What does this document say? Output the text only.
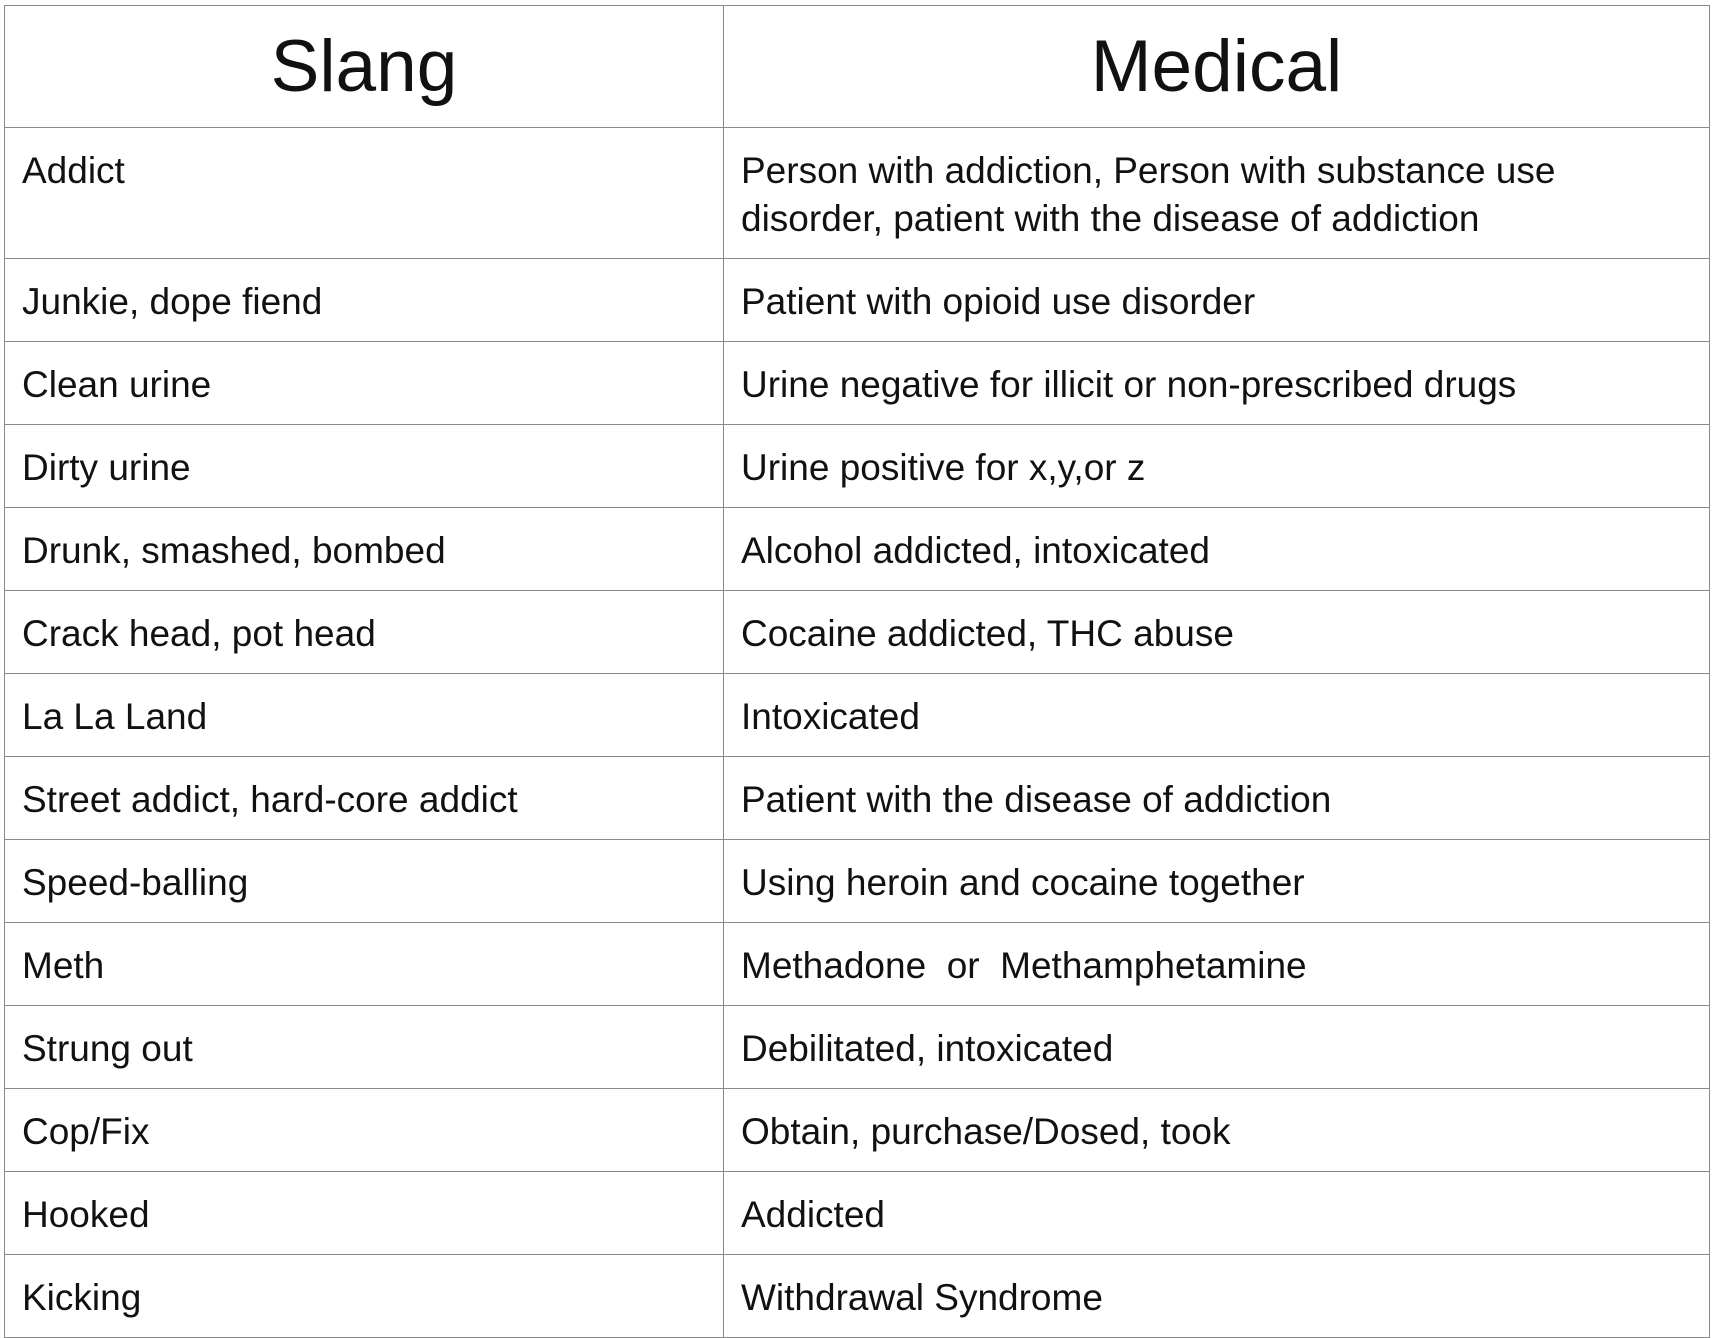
Slang	Medical
Addict	Person with addiction, Person with substance use disorder, patient with the disease of addiction
Junkie, dope fiend	Patient with opioid use disorder
Clean urine	Urine negative for illicit or non-prescribed drugs
Dirty urine	Urine positive for x,y,or z
Drunk, smashed, bombed	Alcohol addicted, intoxicated
Crack head, pot head	Cocaine addicted, THC abuse
La La Land	Intoxicated
Street addict, hard-core addict	Patient with the disease of addiction
Speed-balling	Using heroin and cocaine together
Meth	Methadone  or  Methamphetamine
Strung out	Debilitated, intoxicated
Cop/Fix	Obtain, purchase/Dosed, took
Hooked	Addicted
Kicking	Withdrawal Syndrome
